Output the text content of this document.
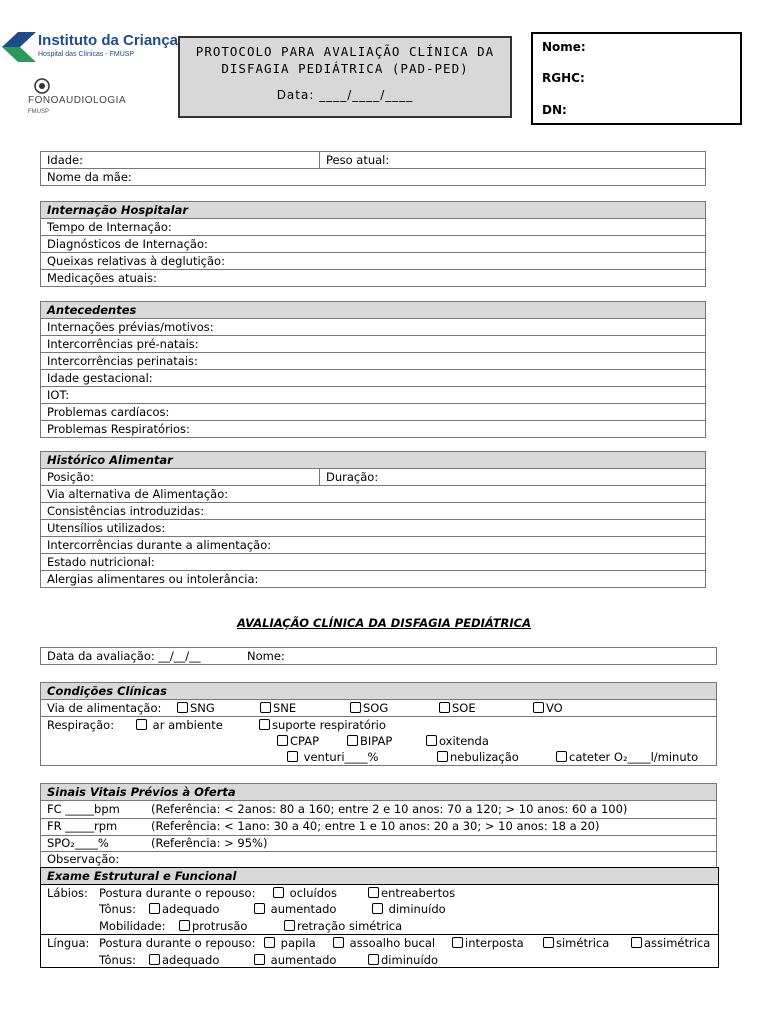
Instituto da Criança
Hospital das Clínicas - FMUSP
FONOAUDIOLOGIA
FMUSP
PROTOCOLO PARA AVALIAÇÃO CLÍNICA DA
DISFAGIA PEDIÁTRICA (PAD-PED)
Data: ____/____/____
Nome:
RGHC:
DN:
Idade:	Peso atual:
Nome da mãe:
Internação Hospitalar
Tempo de Internação:
Diagnósticos de Internação:
Queixas relativas à deglutição:
Medicações atuais:
Antecedentes
Internações prévias/motivos:
Intercorrências pré-natais:
Intercorrências perinatais:
Idade gestacional:
IOT:
Problemas cardíacos:
Problemas Respiratórios:
Histórico Alimentar
Posição:	Duração:
Via alternativa de Alimentação:
Consistências introduzidas:
Utensílios utilizados:
Intercorrências durante a alimentação:
Estado nutricional:
Alergias alimentares ou intolerância:
AVALIAÇÃO CLÍNICA DA DISFAGIA PEDIÁTRICA
Data da avaliação: __/__/__	Nome:
Condições Clínicas
Via de alimentação:	SNG	SNE	SOG	SOE	VO
Respiração:	ar ambiente	suporte respiratório
CPAP	BIPAP	oxitenda
venturi____%	nebulização	cateter O₂____l/minuto
Sinais Vitais Prévios à Oferta
FC _____bpm	(Referência: < 2anos: 80 a 160; entre 2 e 10 anos: 70 a 120; > 10 anos: 60 a 100)
FR _____rpm	(Referência: < 1ano: 30 a 40; entre 1 e 10 anos: 20 a 30; > 10 anos: 18 a 20)
SPO₂____%	(Referência: > 95%)
Observação:
Exame Estrutural e Funcional
Lábios: Postura durante o repouso:	ocluídos	entreabertos
Tônus:	adequado	aumentado	diminuído
Mobilidade:	protrusão	retração simétrica
Língua: Postura durante o repouso:	papila	assoalho bucal	interposta	simétrica	assimétrica
Tônus:	adequado	aumentado	diminuído
